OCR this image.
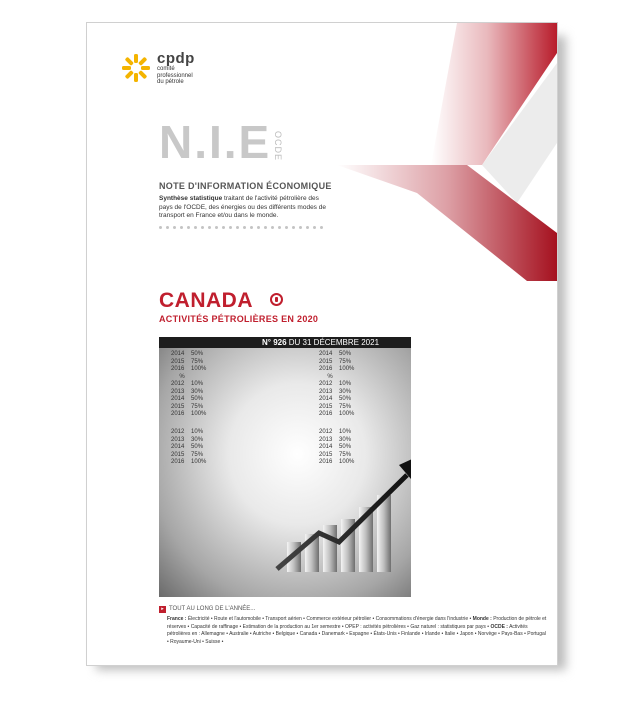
cpdp
comité
professionnel
du pétrole
N.I.E OCDE
NOTE D'INFORMATION ÉCONOMIQUE
Synthèse statistique traitant de l'activité pétrolière des pays de l'OCDE, des énergies ou des différents modes de transport en France et/ou dans le monde.
CANADA
ACTIVITÉS PÉTROLIÈRES EN 2020
2014    50%
2015    75%
2016    100%
%
2012    10%
2013    30%
2014    50%
2015    75%
2016    100%
2014    50%
2015    75%
2016    100%
%
2012    10%
2013    30%
2014    50%
2015    75%
2016    100%
2012    10%
2013    30%
2014    50%
2015    75%
2016    100%
2012    10%
2013    30%
2014    50%
2015    75%
2016    100%
N° 926 DU 31 DÉCEMBRE 2021
▸ TOUT AU LONG DE L'ANNÉE...
France : Électricité • Route et l'automobile • Transport aérien • Commerce extérieur pétrolier • Consommations d'énergie dans l'industrie • Monde : Production de pétrole et réserves • Capacité de raffinage • Estimation de la production au 1er semestre • OPEP : activités pétrolières • Gaz naturel : statistiques par pays • OCDE : Activités pétrolières en : Allemagne • Australie • Autriche • Belgique • Canada • Danemark • Espagne • États-Unis • Finlande • Irlande • Italie • Japon • Norvège • Pays-Bas • Portugal • Royaume-Uni • Suisse •
